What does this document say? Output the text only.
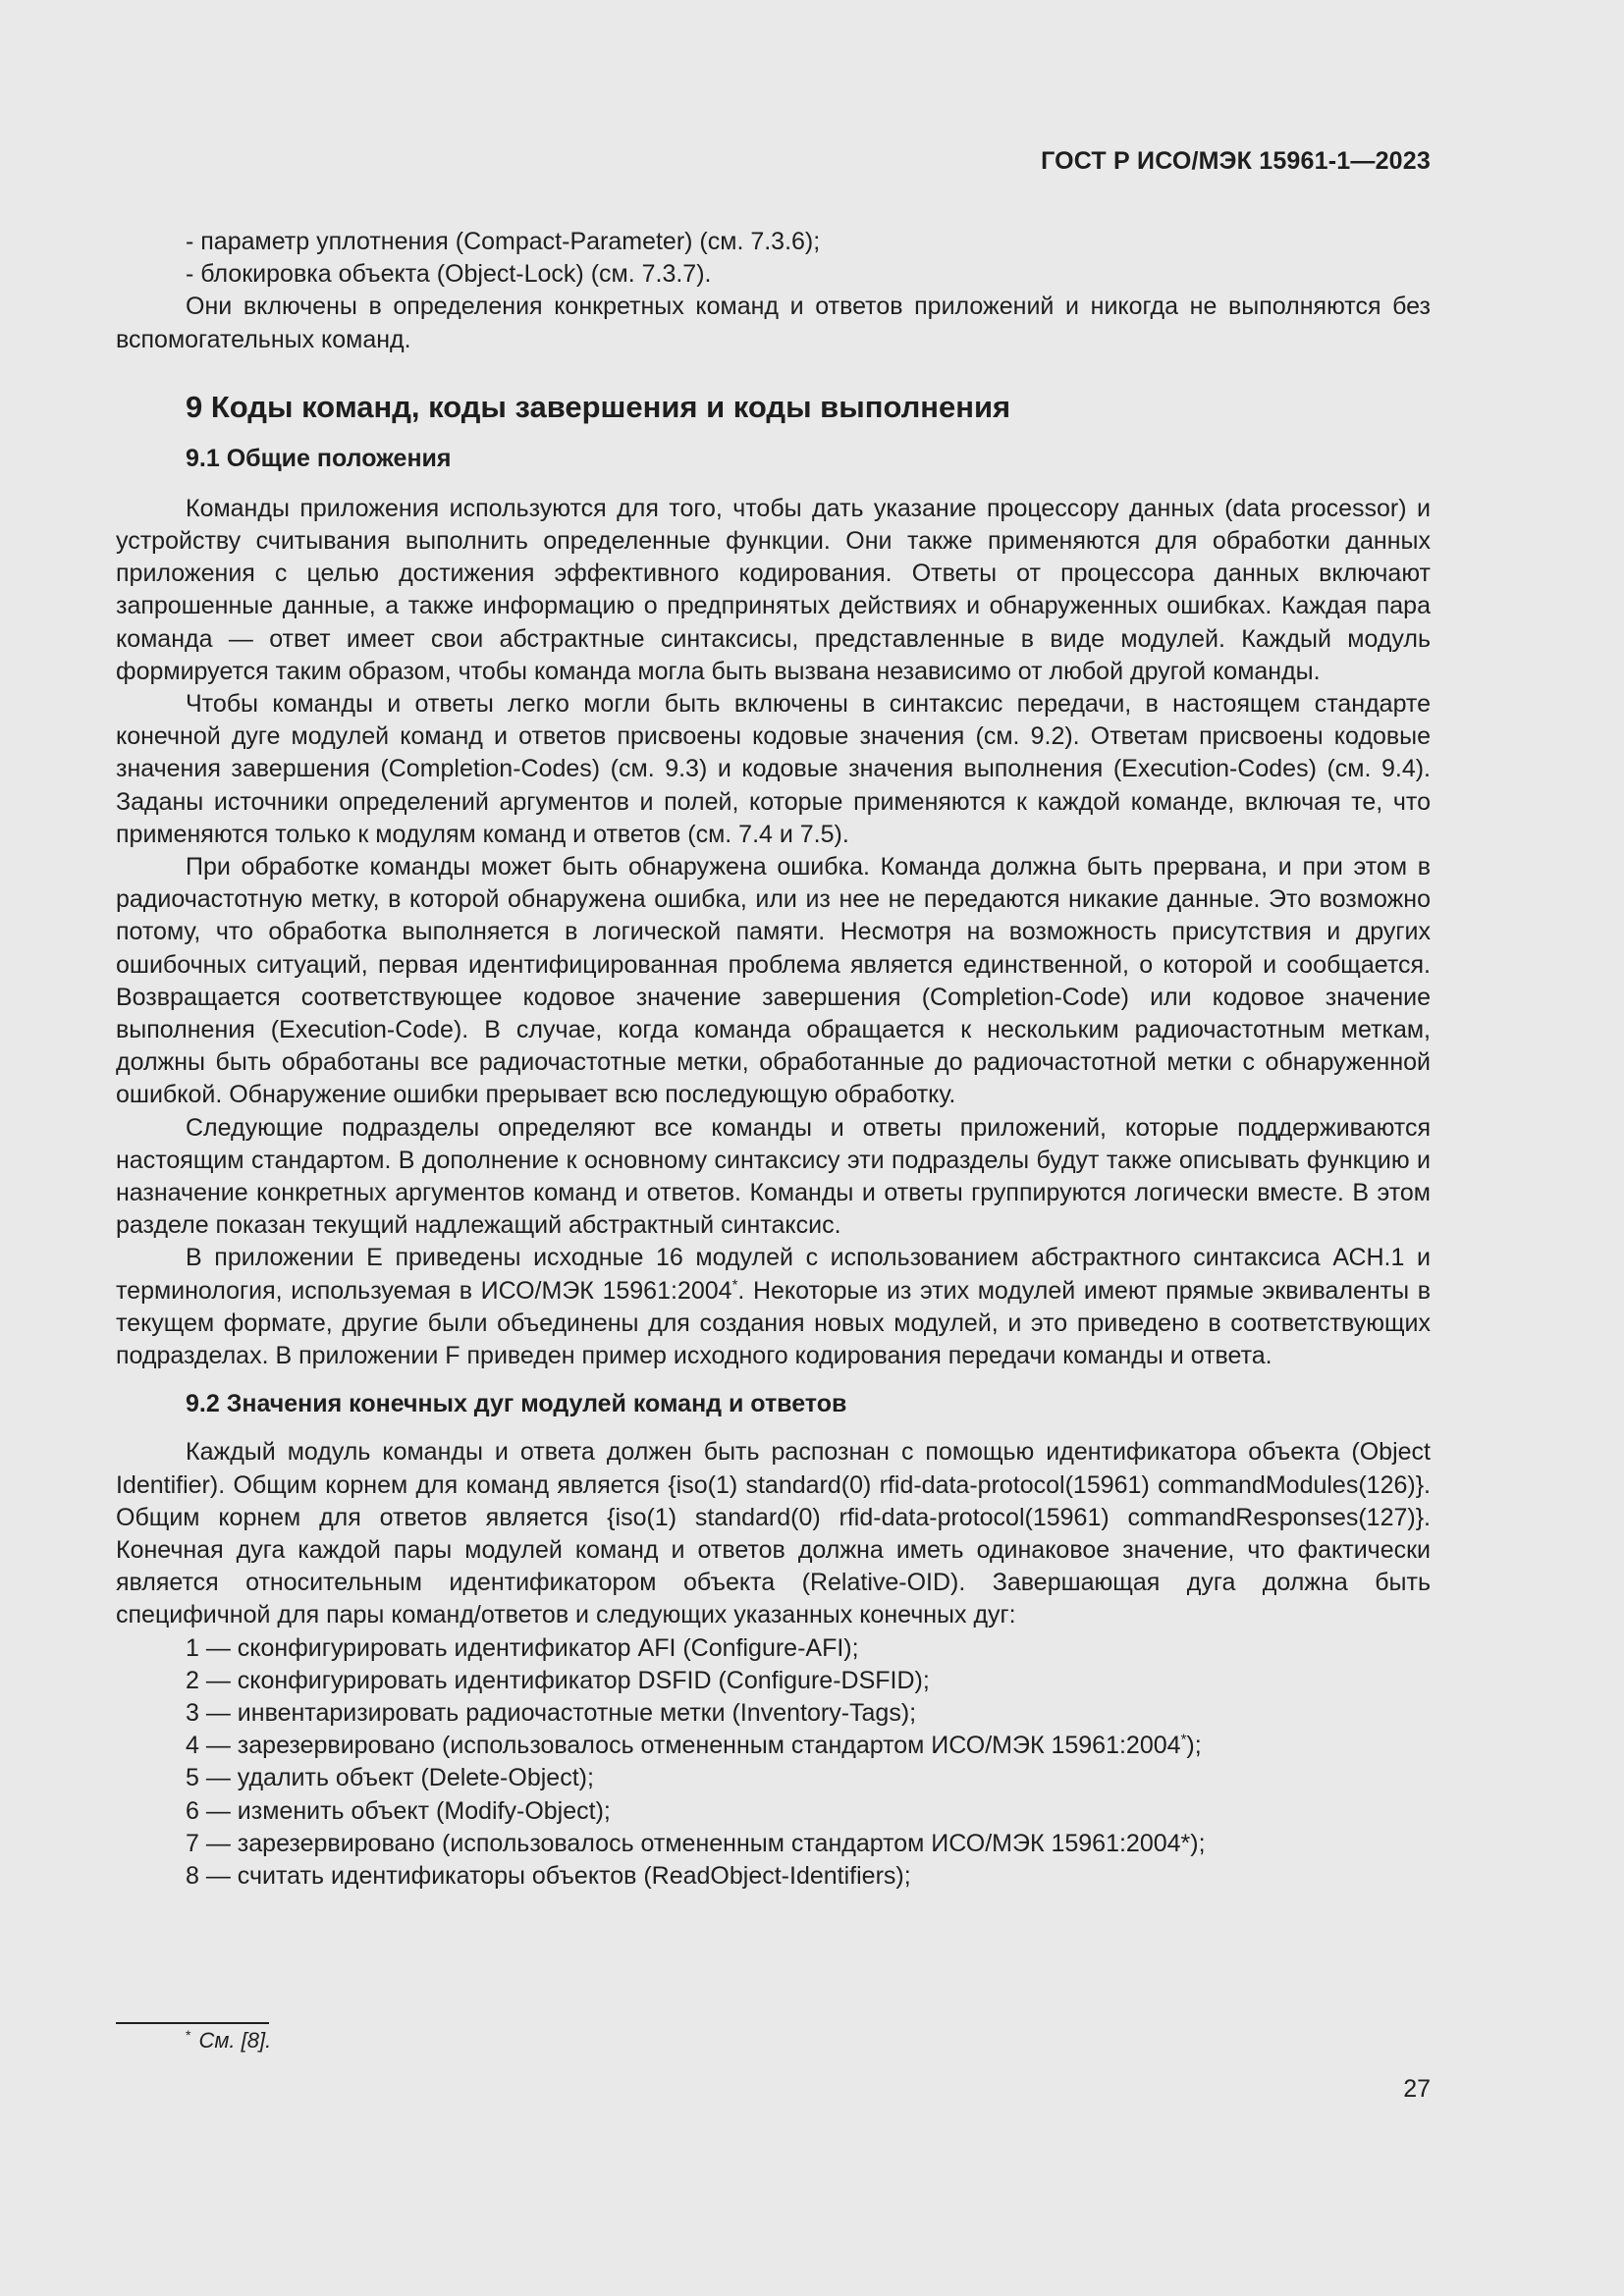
ГОСТ Р ИСО/МЭК 15961-1—2023

- параметр уплотнения (Compact-Parameter) (см. 7.3.6);

- блокировка объекта (Object-Lock) (см. 7.3.7).

Они включены в определения конкретных команд и ответов приложений и никогда не выполняются без вспомогательных команд.

9 Коды команд, коды завершения и коды выполнения
9.1 Общие положения

Команды приложения используются для того, чтобы дать указание процессору данных (data processor) и устройству считывания выполнить определенные функции. Они также применяются для обработки данных приложения с целью достижения эффективного кодирования. Ответы от процессора данных включают запрошенные данные, а также информацию о предпринятых действиях и обнаруженных ошибках. Каждая пара команда — ответ имеет свои абстрактные синтаксисы, представленные в виде модулей. Каждый модуль формируется таким образом, чтобы команда могла быть вызвана независимо от любой другой команды.

Чтобы команды и ответы легко могли быть включены в синтаксис передачи, в настоящем стандарте конечной дуге модулей команд и ответов присвоены кодовые значения (см. 9.2). Ответам присвоены кодовые значения завершения (Completion-Codes) (см. 9.3) и кодовые значения выполнения (Execution-Codes) (см. 9.4). Заданы источники определений аргументов и полей, которые применяются к каждой команде, включая те, что применяются только к модулям команд и ответов (см. 7.4 и 7.5).

При обработке команды может быть обнаружена ошибка. Команда должна быть прервана, и при этом в радиочастотную метку, в которой обнаружена ошибка, или из нее не передаются никакие данные. Это возможно потому, что обработка выполняется в логической памяти. Несмотря на возможность присутствия и других ошибочных ситуаций, первая идентифицированная проблема является единственной, о которой и сообщается. Возвращается соответствующее кодовое значение завершения (Completion-Code) или кодовое значение выполнения (Execution-Code). В случае, когда команда обращается к нескольким радиочастотным меткам, должны быть обработаны все радиочастотные метки, обработанные до радиочастотной метки с обнаруженной ошибкой. Обнаружение ошибки прерывает всю последующую обработку.

Следующие подразделы определяют все команды и ответы приложений, которые поддерживаются настоящим стандартом. В дополнение к основному синтаксису эти подразделы будут также описывать функцию и назначение конкретных аргументов команд и ответов. Команды и ответы группируются логически вместе. В этом разделе показан текущий надлежащий абстрактный синтаксис.

В приложении Е приведены исходные 16 модулей с использованием абстрактного синтаксиса АСН.1 и терминология, используемая в ИСО/МЭК 15961:2004*. Некоторые из этих модулей имеют прямые эквиваленты в текущем формате, другие были объединены для создания новых модулей, и это приведено в соответствующих подразделах. В приложении F приведен пример исходного кодирования передачи команды и ответа.

9.2 Значения конечных дуг модулей команд и ответов

Каждый модуль команды и ответа должен быть распознан с помощью идентификатора объекта (Object Identifier). Общим корнем для команд является {iso(1) standard(0) rfid-data-protocol(15961) commandModules(126)}. Общим корнем для ответов является {iso(1) standard(0) rfid-data-protocol(15961) commandResponses(127)}. Конечная дуга каждой пары модулей команд и ответов должна иметь одинаковое значение, что фактически является относительным идентификатором объекта (Relative-OID). Завершающая дуга должна быть специфичной для пары команд/ответов и следующих указанных конечных дуг:

1 — сконфигурировать идентификатор AFI (Configure-AFI);

2 — сконфигурировать идентификатор DSFID (Configure-DSFID);

3 — инвентаризировать радиочастотные метки (Inventory-Tags);

4 — зарезервировано (использовалось отмененным стандартом ИСО/МЭК 15961:2004*);

5 — удалить объект (Delete-Object);

6 — изменить объект (Modify-Object);

7 — зарезервировано (использовалось отмененным стандартом ИСО/МЭК 15961:2004*);

8 — считать идентификаторы объектов (ReadObject-Identifiers);

* См. [8].
27
